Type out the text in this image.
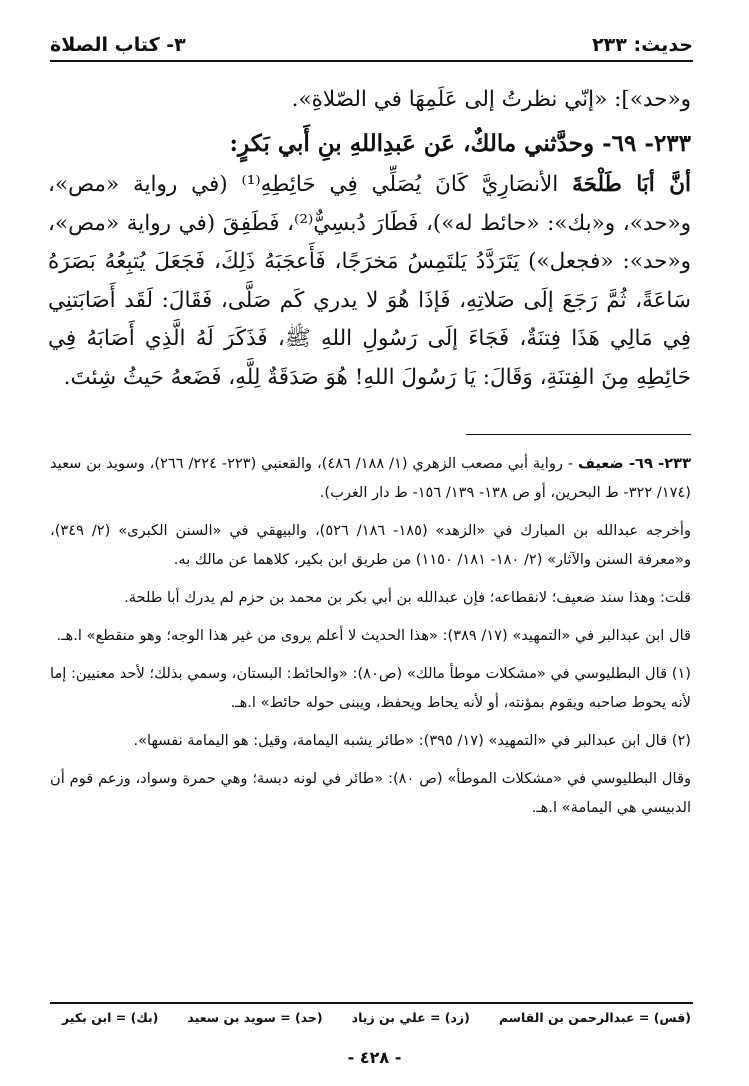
حديث: ٢٣٣
٣- كتاب الصلاة

و«حد»]: «إنّي نظرتُ إلى عَلَمِهَا في الصّلاةِ».

٢٣٣- ٦٩- وحدَّثني مالكٌ، عَن عَبدِاللهِ بنِ أَبي بَكرٍ:

أنَّ أبَا طَلْحَةَ الأنصَارِيَّ كَانَ يُصَلِّي فِي حَائِطِهِ⁽¹⁾ (في رواية «مص»، و«حد»، و«بك»: «حائط له»)، فَطَارَ دُبسِيٌّ⁽²⁾، فَطَفِقَ (في رواية «مص»، و«حد»: «فجعل») يَتَرَدَّدُ يَلتَمِسُ مَخرَجًا، فَأَعجَبَهُ ذَلِكَ، فَجَعَلَ يُتبِعُهُ بَصَرَهُ سَاعَةً، ثُمَّ رَجَعَ إلَى صَلاتِهِ، فَإذَا هُوَ لا يدري كَم صَلَّى، فَقَالَ: لَقَد أَصَابَتنِي فِي مَالِي هَذَا فِتنَةٌ، فَجَاءَ إلَى رَسُولِ اللهِ ﷺ، فَذَكَرَ لَهُ الَّذِي أَصَابَهُ فِي حَائِطِهِ مِنَ الفِتنَةِ، وَقَالَ: يَا رَسُولَ اللهِ! هُوَ صَدَقَةٌ لِلَّهِ، فَضَعهُ حَيثُ شِئتَ.

٢٣٣- ٦٩- ضعيف - رواية أبي مصعب الزهري (١/ ١٨٨/ ٤٨٦)، والقعنبي (٢٢٣- ٢٢٤/ ٢٦٦)، وسويد بن سعيد (١٧٤/ ٣٢٢- ط البحرين، أو ص ١٣٨- ١٣٩/ ١٥٦- ط دار الغرب).

وأخرجه عبدالله بن المبارك في «الزهد» (١٨٥- ١٨٦/ ٥٢٦)، والبيهقي في «السنن الكبرى» (٢/ ٣٤٩)، و«معرفة السنن والآثار» (٢/ ١٨٠- ١٨١/ ١١٥٠) من طريق ابن بكير، كلاهما عن مالك به.

قلت: وهذا سند ضعيف؛ لانقطاعه؛ فإن عبدالله بن أبي بكر بن محمد بن حزم لم يدرك أبا طلحة.

قال ابن عبدالبر في «التمهيد» (١٧/ ٣٨٩): «هذا الحديث لا أعلم يروى من غير هذا الوجه؛ وهو منقطع» ا.هـ.

(١) قال البطليوسي في «مشكلات موطأ مالك» (ص٨٠): «والحائط: البستان، وسمي بذلك؛ لأحد معنيين: إما لأنه يحوط صاحبه ويقوم بمؤنته، أو لأنه يحاط ويحفظ، ويبنى حوله حائط» ا.هـ.

(٢) قال ابن عبدالبر في «التمهيد» (١٧/ ٣٩٥): «طائر يشبه اليمامة، وقيل: هو اليمامة نفسها».

وقال البطليوسي في «مشكلات الموطأ» (ص ٨٠): «طائر في لونه دبسة؛ وهي حمرة وسواد، وزعم قوم أن الدبيسي هي اليمامة» ا.هـ.

(قس) = عبدالرحمن بن القاسم
(زد) = علي بن زياد
(حد) = سويد بن سعيد
(بك) = ابن بكير
- ٤٢٨ -
